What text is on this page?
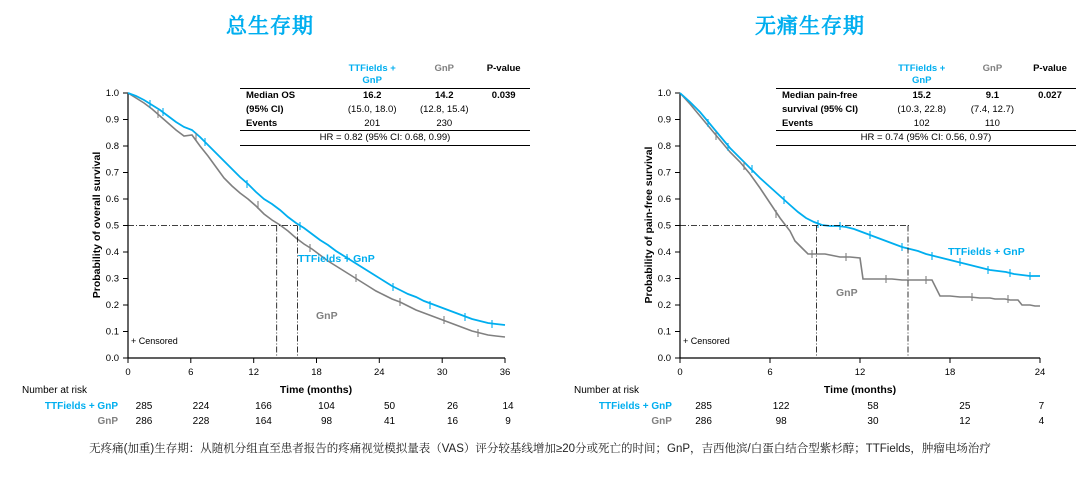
总生存期
0.0
0.1
0.2
0.3
0.4
0.5
0.6
0.7
0.8
0.9
1.0
0	6	12	18	24	30	36
TTFields + GnP
GnP
+ Censored
Time (months)
Probability of overall survival
	TTFields + GnP	GnP	P-value
Median OS	16.2	14.2	0.039
(95% CI)	(15.0, 18.0)	(12.8, 15.4)	
Events	201	230	
HR = 0.82 (95% CI: 0.68, 0.99)			
Number at risk
TTFields + GnP	285	224	166	104	50	26	14
GnP	286	228	164	98	41	16	9
无痛生存期
0.0
0.1
0.2
0.3
0.4
0.5
0.6
0.7
0.8
0.9
1.0
0	6	12	18	24
TTFields + GnP
GnP
+ Censored
Time (months)
Probability of pain-free survival
	TTFields + GnP	GnP	P-value
Median pain-free	15.2	9.1	0.027
survival (95% CI)	(10.3, 22.8)	(7.4, 12.7)	
Events	102	110	
HR = 0.74 (95% CI: 0.56, 0.97)			
Number at risk
TTFields + GnP	285	122	58	25	7
GnP	286	98	30	12	4
无疼痛(加重)生存期：从随机分组直至患者报告的疼痛视觉模拟量表（VAS）评分较基线增加≥20分或死亡的时间；GnP，吉西他滨/白蛋白结合型紫杉醇；TTFields，肿瘤电场治疗
